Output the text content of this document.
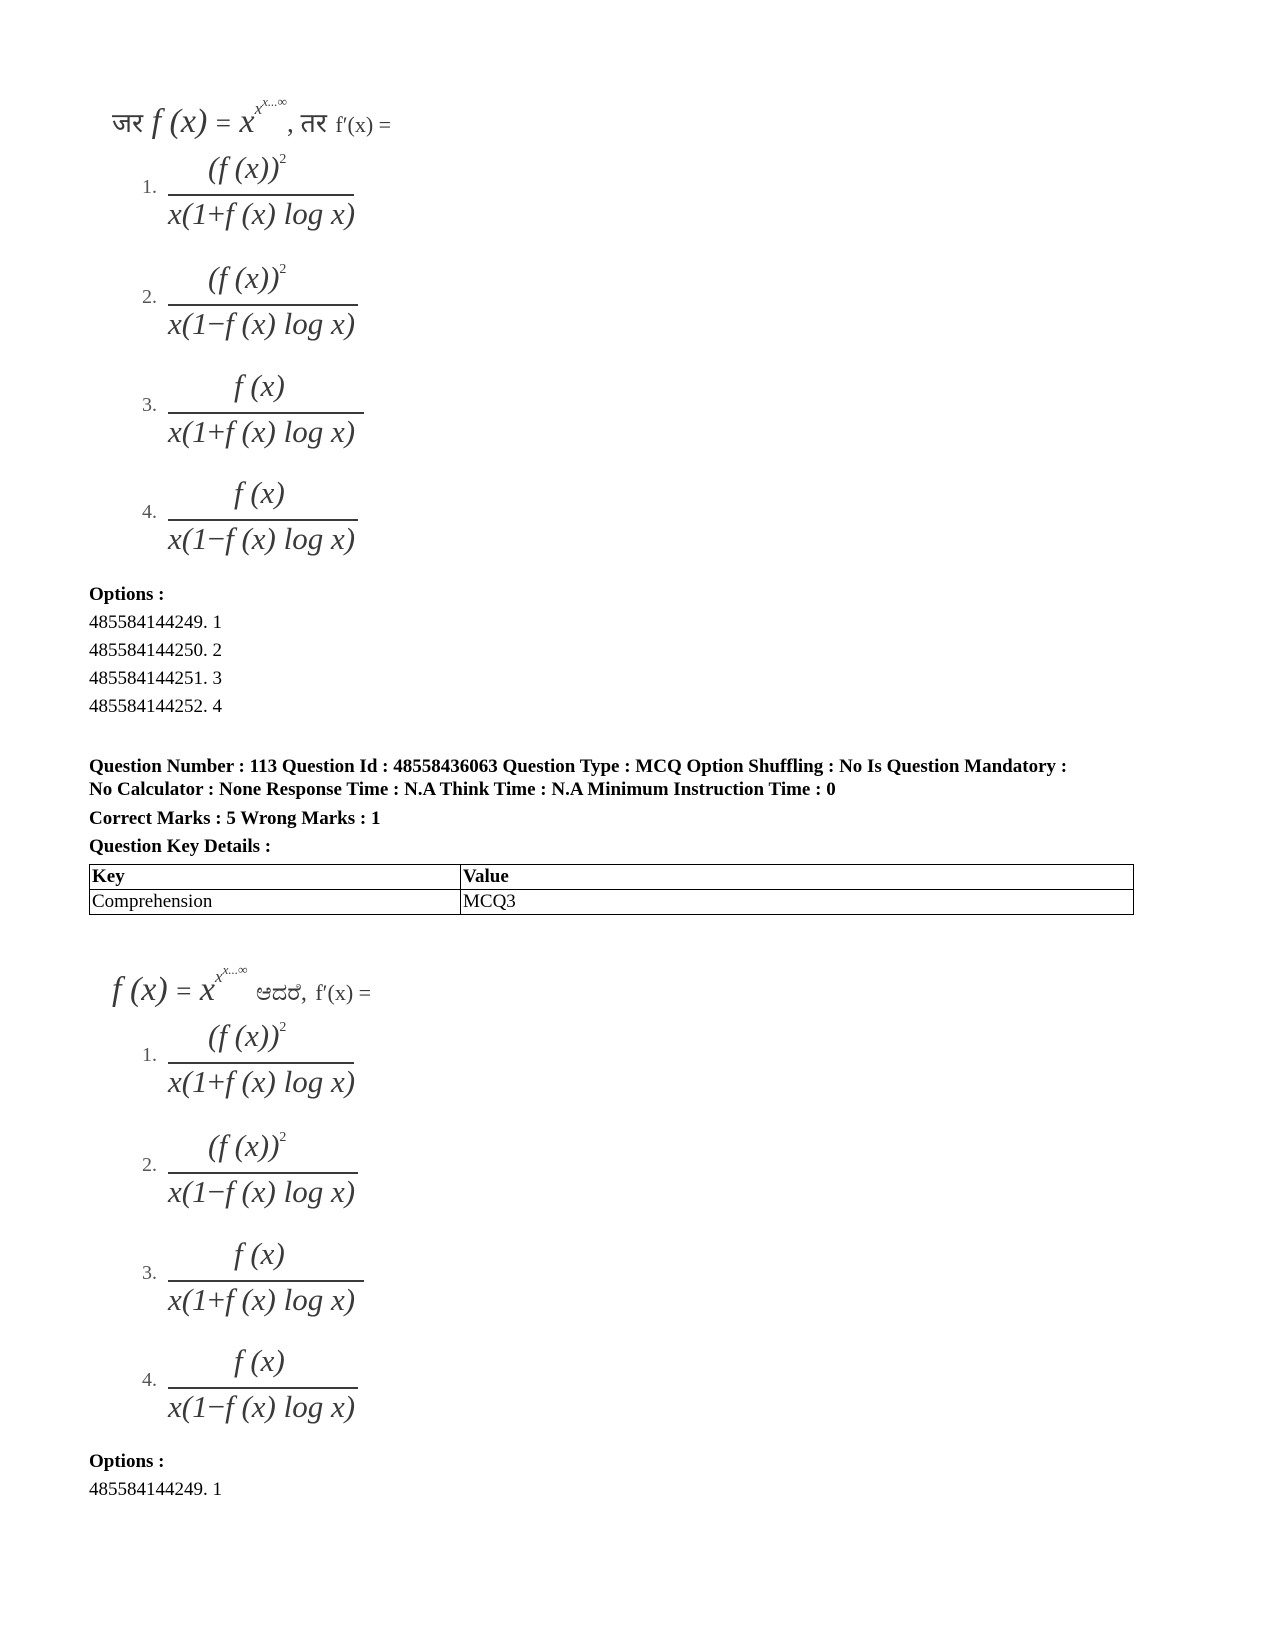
जर f $(x) = x^{x^{x...\infty}}$, तर f′(x) =
1.
(f (x))$^2$
x(1+f (x) log x)
2.
(f (x))$^2$
x(1−f (x) log x)
3.
f (x)
x(1+f (x) log x)
4.
f (x)
x(1−f (x) log x)
Options :
485584144249. 1
485584144250. 2
485584144251. 3
485584144252. 4
Question Number : 113 Question Id : 48558436063 Question Type : MCQ Option Shuffling : No Is Question Mandatory :
No Calculator : None Response Time : N.A Think Time : N.A Minimum Instruction Time : 0
Correct Marks : 5 Wrong Marks : 1
Question Key Details :
Key	Value
Comprehension	MCQ3
f $(x) = x^{x^{x...\infty}}$ ಆದರೆ, f′(x) =
1.
(f (x))$^2$
x(1+f (x) log x)
2.
(f (x))$^2$
x(1−f (x) log x)
3.
f (x)
x(1+f (x) log x)
4.
f (x)
x(1−f (x) log x)
Options :
485584144249. 1
